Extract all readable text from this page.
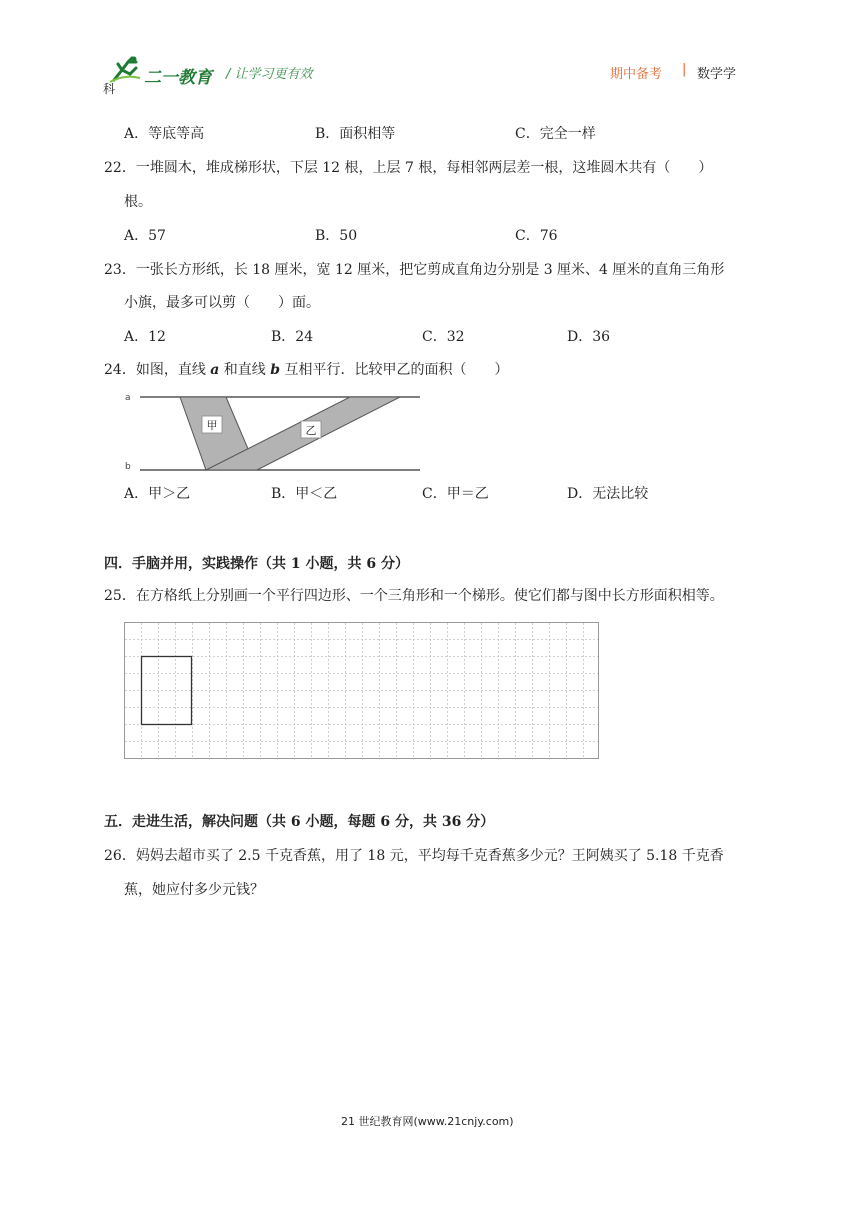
科
二一教育 / 让学习更有效	期中备考 | 数学学
A．等底等高	B．面积相等	C．完全一样
22．一堆圆木，堆成梯形状，下层 12 根，上层 7 根，每相邻两层差一根，这堆圆木共有（　　）
根。
A．57	B．50	C．76
23．一张长方形纸，长 18 厘米，宽 12 厘米，把它剪成直角边分别是 3 厘米、4 厘米的直角三角形
小旗，最多可以剪（　　）面。
A．12	B．24	C．32	D．36
24．如图，直线 a 和直线 b 互相平行．比较甲乙的面积（　　）
甲	乙
a
b
A．甲＞乙	B．甲＜乙	C．甲＝乙	D．无法比较
四．手脑并用，实践操作（共 1 小题，共 6 分）
25．在方格纸上分别画一个平行四边形、一个三角形和一个梯形。使它们都与图中长方形面积相等。
五．走进生活，解决问题（共 6 小题，每题 6 分，共 36 分）
26．妈妈去超市买了 2.5 千克香蕉，用了 18 元，平均每千克香蕉多少元？王阿姨买了 5.18 千克香
蕉，她应付多少元钱？
21 世纪教育网(www.21cnjy.com)
